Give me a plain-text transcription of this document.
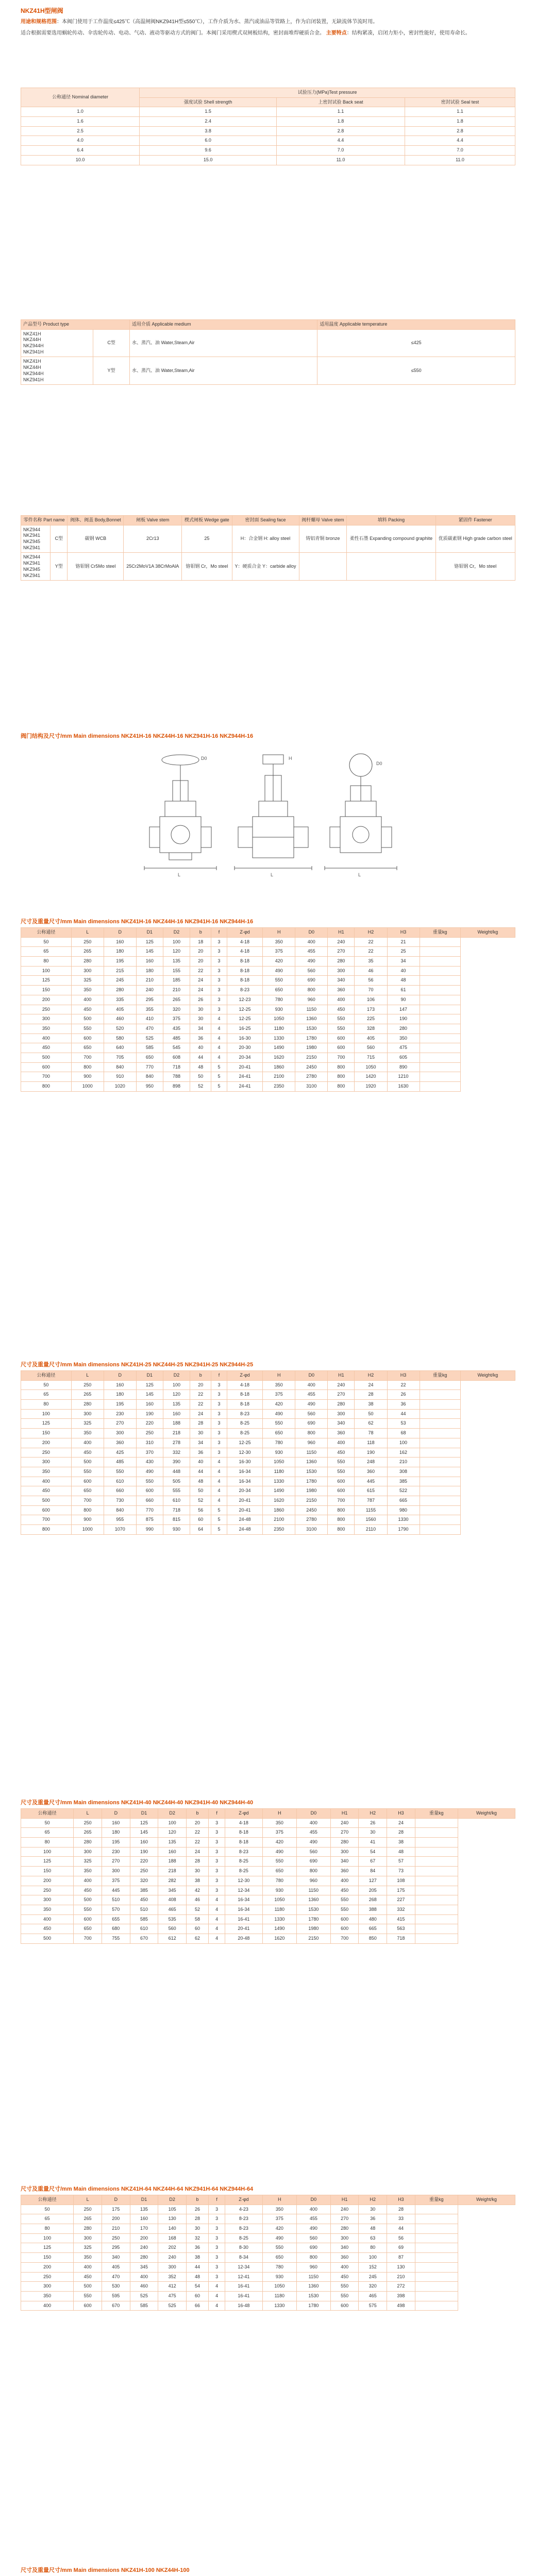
NKZ41H型闸阀

用途和规格范围：本阀门使用于工作温度≤425℃（高温闸阀NKZ941H型≤550℃），工作介质为水、蒸汽或油品等管路上，作为启闭装置，无缺流体节流时用。

适合根据需要选用蜗轮传动、伞齿轮传动、电动、气动、液动等驱动方式的阀门。本阀门采用楔式双闸板结构，密封面堆焊硬质合金。 主要特点：结构紧凑，启闭力矩小，密封性能好，使用寿命长。

公称通径 Nominal diameter	试验压力(MPa)Test pressure		
	强度试验 Shell strength	上密封试验 Back seat	密封试验 Seal test
1.0	1.5	1.1	1.1
1.6	2.4	1.8	1.8
2.5	3.8	2.8	2.8
4.0	6.0	4.4	4.4
6.4	9.6	7.0	7.0
10.0	15.0	11.0	11.0
产品型号 Product type		适用介质 Applicable medium	适用温度 Applicable temperature

NKZ41H
NKZ44H
NKZ944H
NKZ941H	C型	水、蒸汽、油 Water,Steam,Air	≤425

NKZ41H
NKZ44H
NKZ944H
NKZ941H	Y型	水、蒸汽、油 Water,Steam,Air	≤550
零件名称 Part name		阀体、阀盖 Body,Bonnet	闸板 Valve stem	楔式闸板 Wedge gate	密封面 Sealing face	阀杆螺母 Valve stem	填料 Packing	紧固件 Fastener

NKZ944
NKZ941
NKZ945
NKZ941	C型	碳钢 WCB	2Cr13	25	H：合金钢 H: alloy steel	铸铝青铜 bronze	柔性石墨 Expanding compound graphite	优质碳素钢 High grade carbon steel

NKZ944
NKZ941
NKZ945
NKZ941	Y型	铬钼钢 Cr5Mo steel	25Cr2MoV1A 38CrMoAlA	铬钼钢 Cr，Mo steel	Y：硬质合金 Y：carbide alloy			铬钼钢 Cr，Mo steel
阀门结构及尺寸/mm Main dimensions NKZ41H-16 NKZ44H-16 NKZ941H-16 NKZ944H-16
L	L	L
D0	H
D0
尺寸及重量尺寸/mm Main dimensions NKZ41H-16 NKZ44H-16 NKZ941H-16 NKZ944H-16
公称通径	L	D	D1	D2	b	f	Z-φd	H	D0	H1	H2	H3	重量kg	Weight/kg
50	250	160	125	100	18	3	4-18	350	400	240	22	21		
65	265	180	145	120	20	3	4-18	375	455	270	22	25		
80	280	195	160	135	20	3	8-18	420	490	280	35	34		
100	300	215	180	155	22	3	8-18	490	560	300	46	40		
125	325	245	210	185	24	3	8-18	550	690	340	56	48		
150	350	280	240	210	24	3	8-23	650	800	360	70	61		
200	400	335	295	265	26	3	12-23	780	960	400	106	90		
250	450	405	355	320	30	3	12-25	930	1150	450	173	147		
300	500	460	410	375	30	4	12-25	1050	1360	550	225	190		
350	550	520	470	435	34	4	16-25	1180	1530	550	328	280		
400	600	580	525	485	36	4	16-30	1330	1780	600	405	350		
450	650	640	585	545	40	4	20-30	1490	1980	600	560	475		
500	700	705	650	608	44	4	20-34	1620	2150	700	715	605		
600	800	840	770	718	48	5	20-41	1860	2450	800	1050	890		
700	900	910	840	788	50	5	24-41	2100	2780	800	1420	1210		
800	1000	1020	950	898	52	5	24-41	2350	3100	800	1920	1630		
尺寸及重量尺寸/mm Main dimensions NKZ41H-25 NKZ44H-25 NKZ941H-25 NKZ944H-25
公称通径	L	D	D1	D2	b	f	Z-φd	H	D0	H1	H2	H3	重量kg	Weight/kg
50	250	160	125	100	20	3	4-18	350	400	240	24	22		
65	265	180	145	120	22	3	8-18	375	455	270	28	26		
80	280	195	160	135	22	3	8-18	420	490	280	38	36		
100	300	230	190	160	24	3	8-23	490	560	300	50	44		
125	325	270	220	188	28	3	8-25	550	690	340	62	53		
150	350	300	250	218	30	3	8-25	650	800	360	78	68		
200	400	360	310	278	34	3	12-25	780	960	400	118	100		
250	450	425	370	332	36	3	12-30	930	1150	450	190	162		
300	500	485	430	390	40	4	16-30	1050	1360	550	248	210		
350	550	550	490	448	44	4	16-34	1180	1530	550	360	308		
400	600	610	550	505	48	4	16-34	1330	1780	600	445	385		
450	650	660	600	555	50	4	20-34	1490	1980	600	615	522		
500	700	730	660	610	52	4	20-41	1620	2150	700	787	665		
600	800	840	770	718	56	5	20-41	1860	2450	800	1155	980		
700	900	955	875	815	60	5	24-48	2100	2780	800	1560	1330		
800	1000	1070	990	930	64	5	24-48	2350	3100	800	2110	1790		
尺寸及重量尺寸/mm Main dimensions NKZ41H-40 NKZ44H-40 NKZ941H-40 NKZ944H-40
公称通径	L	D	D1	D2	b	f	Z-φd	H	D0	H1	H2	H3	重量kg	Weight/kg
50	250	160	125	100	20	3	4-18	350	400	240	26	24		
65	265	180	145	120	22	3	8-18	375	455	270	30	28		
80	280	195	160	135	22	3	8-18	420	490	280	41	38		
100	300	230	190	160	24	3	8-23	490	560	300	54	48		
125	325	270	220	188	28	3	8-25	550	690	340	67	57		
150	350	300	250	218	30	3	8-25	650	800	360	84	73		
200	400	375	320	282	38	3	12-30	780	960	400	127	108		
250	450	445	385	345	42	3	12-34	930	1150	450	205	175		
300	500	510	450	408	46	4	16-34	1050	1360	550	268	227		
350	550	570	510	465	52	4	16-34	1180	1530	550	388	332		
400	600	655	585	535	58	4	16-41	1330	1780	600	480	415		
450	650	680	610	560	60	4	20-41	1490	1980	600	665	563		
500	700	755	670	612	62	4	20-48	1620	2150	700	850	718		
尺寸及重量尺寸/mm Main dimensions NKZ41H-64 NKZ44H-64 NKZ941H-64 NKZ944H-64
公称通径	L	D	D1	D2	b	f	Z-φd	H	D0	H1	H2	H3	重量kg	Weight/kg
50	250	175	135	105	26	3	4-23	350	400	240	30	28		
65	265	200	160	130	28	3	8-23	375	455	270	36	33		
80	280	210	170	140	30	3	8-23	420	490	280	48	44		
100	300	250	200	168	32	3	8-25	490	560	300	63	56		
125	325	295	240	202	36	3	8-30	550	690	340	80	69		
150	350	340	280	240	38	3	8-34	650	800	360	100	87		
200	400	405	345	300	44	3	12-34	780	960	400	152	130		
250	450	470	400	352	48	3	12-41	930	1150	450	245	210		
300	500	530	460	412	54	4	16-41	1050	1360	550	320	272		
350	550	595	525	475	60	4	16-41	1180	1530	550	465	398		
400	600	670	585	525	66	4	16-48	1330	1780	600	575	498		
尺寸及重量尺寸/mm Main dimensions NKZ41H-100 NKZ44H-100
